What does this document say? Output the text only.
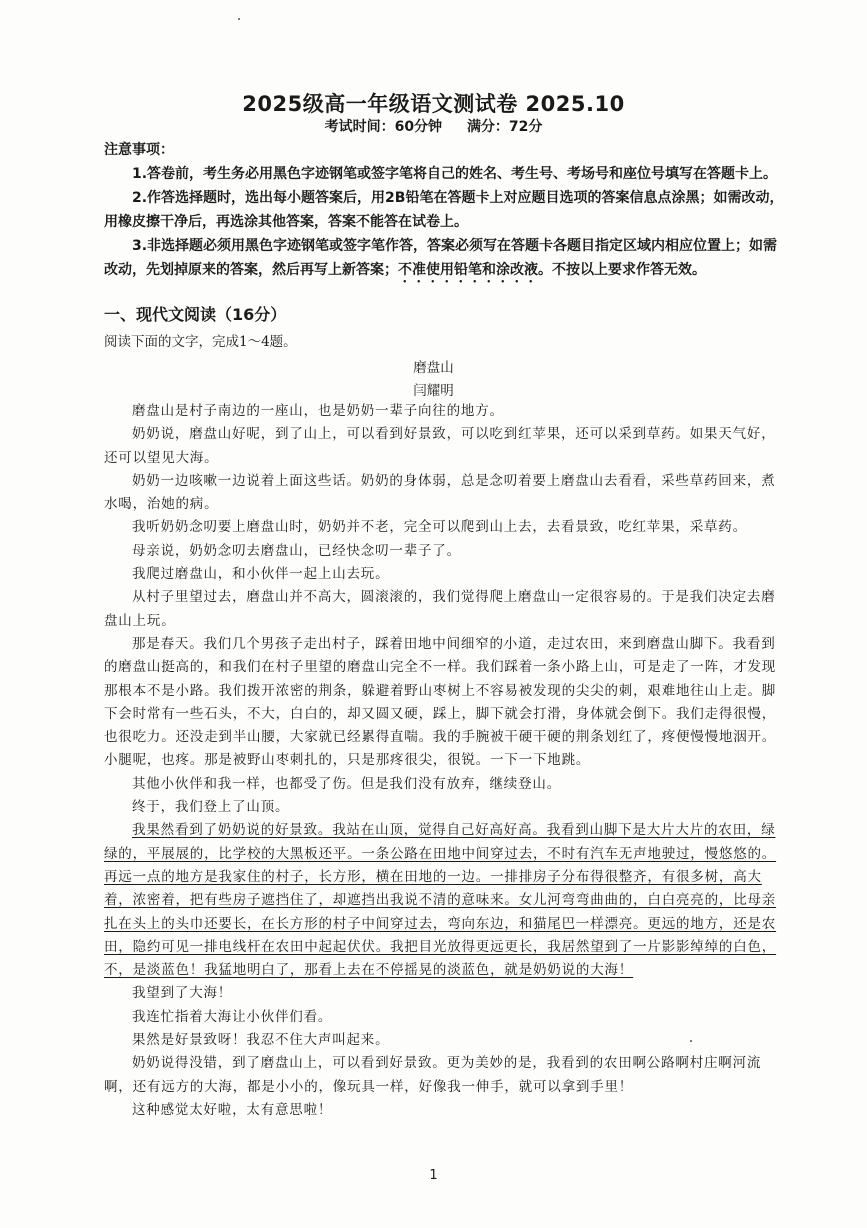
2025级高一年级语文测试卷 2025.10
考试时间：60分钟 满分：72分

注意事项：

1.答卷前，考生务必用黑色字迹钢笔或签字笔将自己的姓名、考生号、考场号和座位号填写在答题卡上。

2.作答选择题时，选出每小题答案后，用2B铅笔在答题卡上对应题目选项的答案信息点涂黑；如需改动，用橡皮擦干净后，再选涂其他答案，答案不能答在试卷上。

3.非选择题必须用黑色字迹钢笔或签字笔作答，答案必须写在答题卡各题目指定区域内相应位置上；如需改动，先划掉原来的答案，然后再写上新答案；不准使用铅笔和涂改液。不按以上要求作答无效。

一、现代文阅读（16分）
阅读下面的文字，完成1～4题。
磨盘山
闫耀明

磨盘山是村子南边的一座山，也是奶奶一辈子向往的地方。

奶奶说，磨盘山好呢，到了山上，可以看到好景致，可以吃到红苹果，还可以采到草药。如果天气好，还可以望见大海。

奶奶一边咳嗽一边说着上面这些话。奶奶的身体弱，总是念叨着要上磨盘山去看看，采些草药回来，煮水喝，治她的病。

我听奶奶念叨要上磨盘山时，奶奶并不老，完全可以爬到山上去，去看景致，吃红苹果，采草药。

母亲说，奶奶念叨去磨盘山，已经快念叨一辈子了。

我爬过磨盘山，和小伙伴一起上山去玩。

从村子里望过去，磨盘山并不高大，圆滚滚的，我们觉得爬上磨盘山一定很容易的。于是我们决定去磨盘山上玩。

那是春天。我们几个男孩子走出村子，踩着田地中间细窄的小道，走过农田，来到磨盘山脚下。我看到的磨盘山挺高的，和我们在村子里望的磨盘山完全不一样。我们踩着一条小路上山，可是走了一阵，才发现那根本不是小路。我们拨开浓密的荆条，躲避着野山枣树上不容易被发现的尖尖的刺，艰难地往山上走。脚下会时常有一些石头，不大，白白的，却又圆又硬，踩上，脚下就会打滑，身体就会倒下。我们走得很慢，也很吃力。还没走到半山腰，大家就已经累得直喘。我的手腕被干硬干硬的荆条划红了，疼便慢慢地洇开。小腿呢，也疼。那是被野山枣刺扎的，只是那疼很尖，很锐。一下一下地跳。

其他小伙伴和我一样，也都受了伤。但是我们没有放弃，继续登山。

终于，我们登上了山顶。

我果然看到了奶奶说的好景致。我站在山顶，觉得自己好高好高。我看到山脚下是大片大片的农田，绿绿的，平展展的，比学校的大黑板还平。一条公路在田地中间穿过去，不时有汽车无声地驶过，慢悠悠的。再远一点的地方是我家住的村子，长方形，横在田地的一边。一排排房子分布得很整齐，有很多树，高大着，浓密着，把有些房子遮挡住了，却遮挡出我说不清的意味来。女儿河弯弯曲曲的，白白亮亮的，比母亲扎在头上的头巾还要长，在长方形的村子中间穿过去，弯向东边，和猫尾巴一样漂亮。更远的地方，还是农田，隐约可见一排电线杆在农田中起起伏伏。我把目光放得更远更长，我居然望到了一片影影绰绰的白色，不，是淡蓝色！我猛地明白了，那看上去在不停摇晃的淡蓝色，就是奶奶说的大海！

我望到了大海！

我连忙指着大海让小伙伴们看。

果然是好景致呀！我忍不住大声叫起来。

奶奶说得没错，到了磨盘山上，可以看到好景致。更为美妙的是，我看到的农田啊公路啊村庄啊河流啊，还有远方的大海，都是小小的，像玩具一样，好像我一伸手，就可以拿到手里！

这种感觉太好啦，太有意思啦！

1
